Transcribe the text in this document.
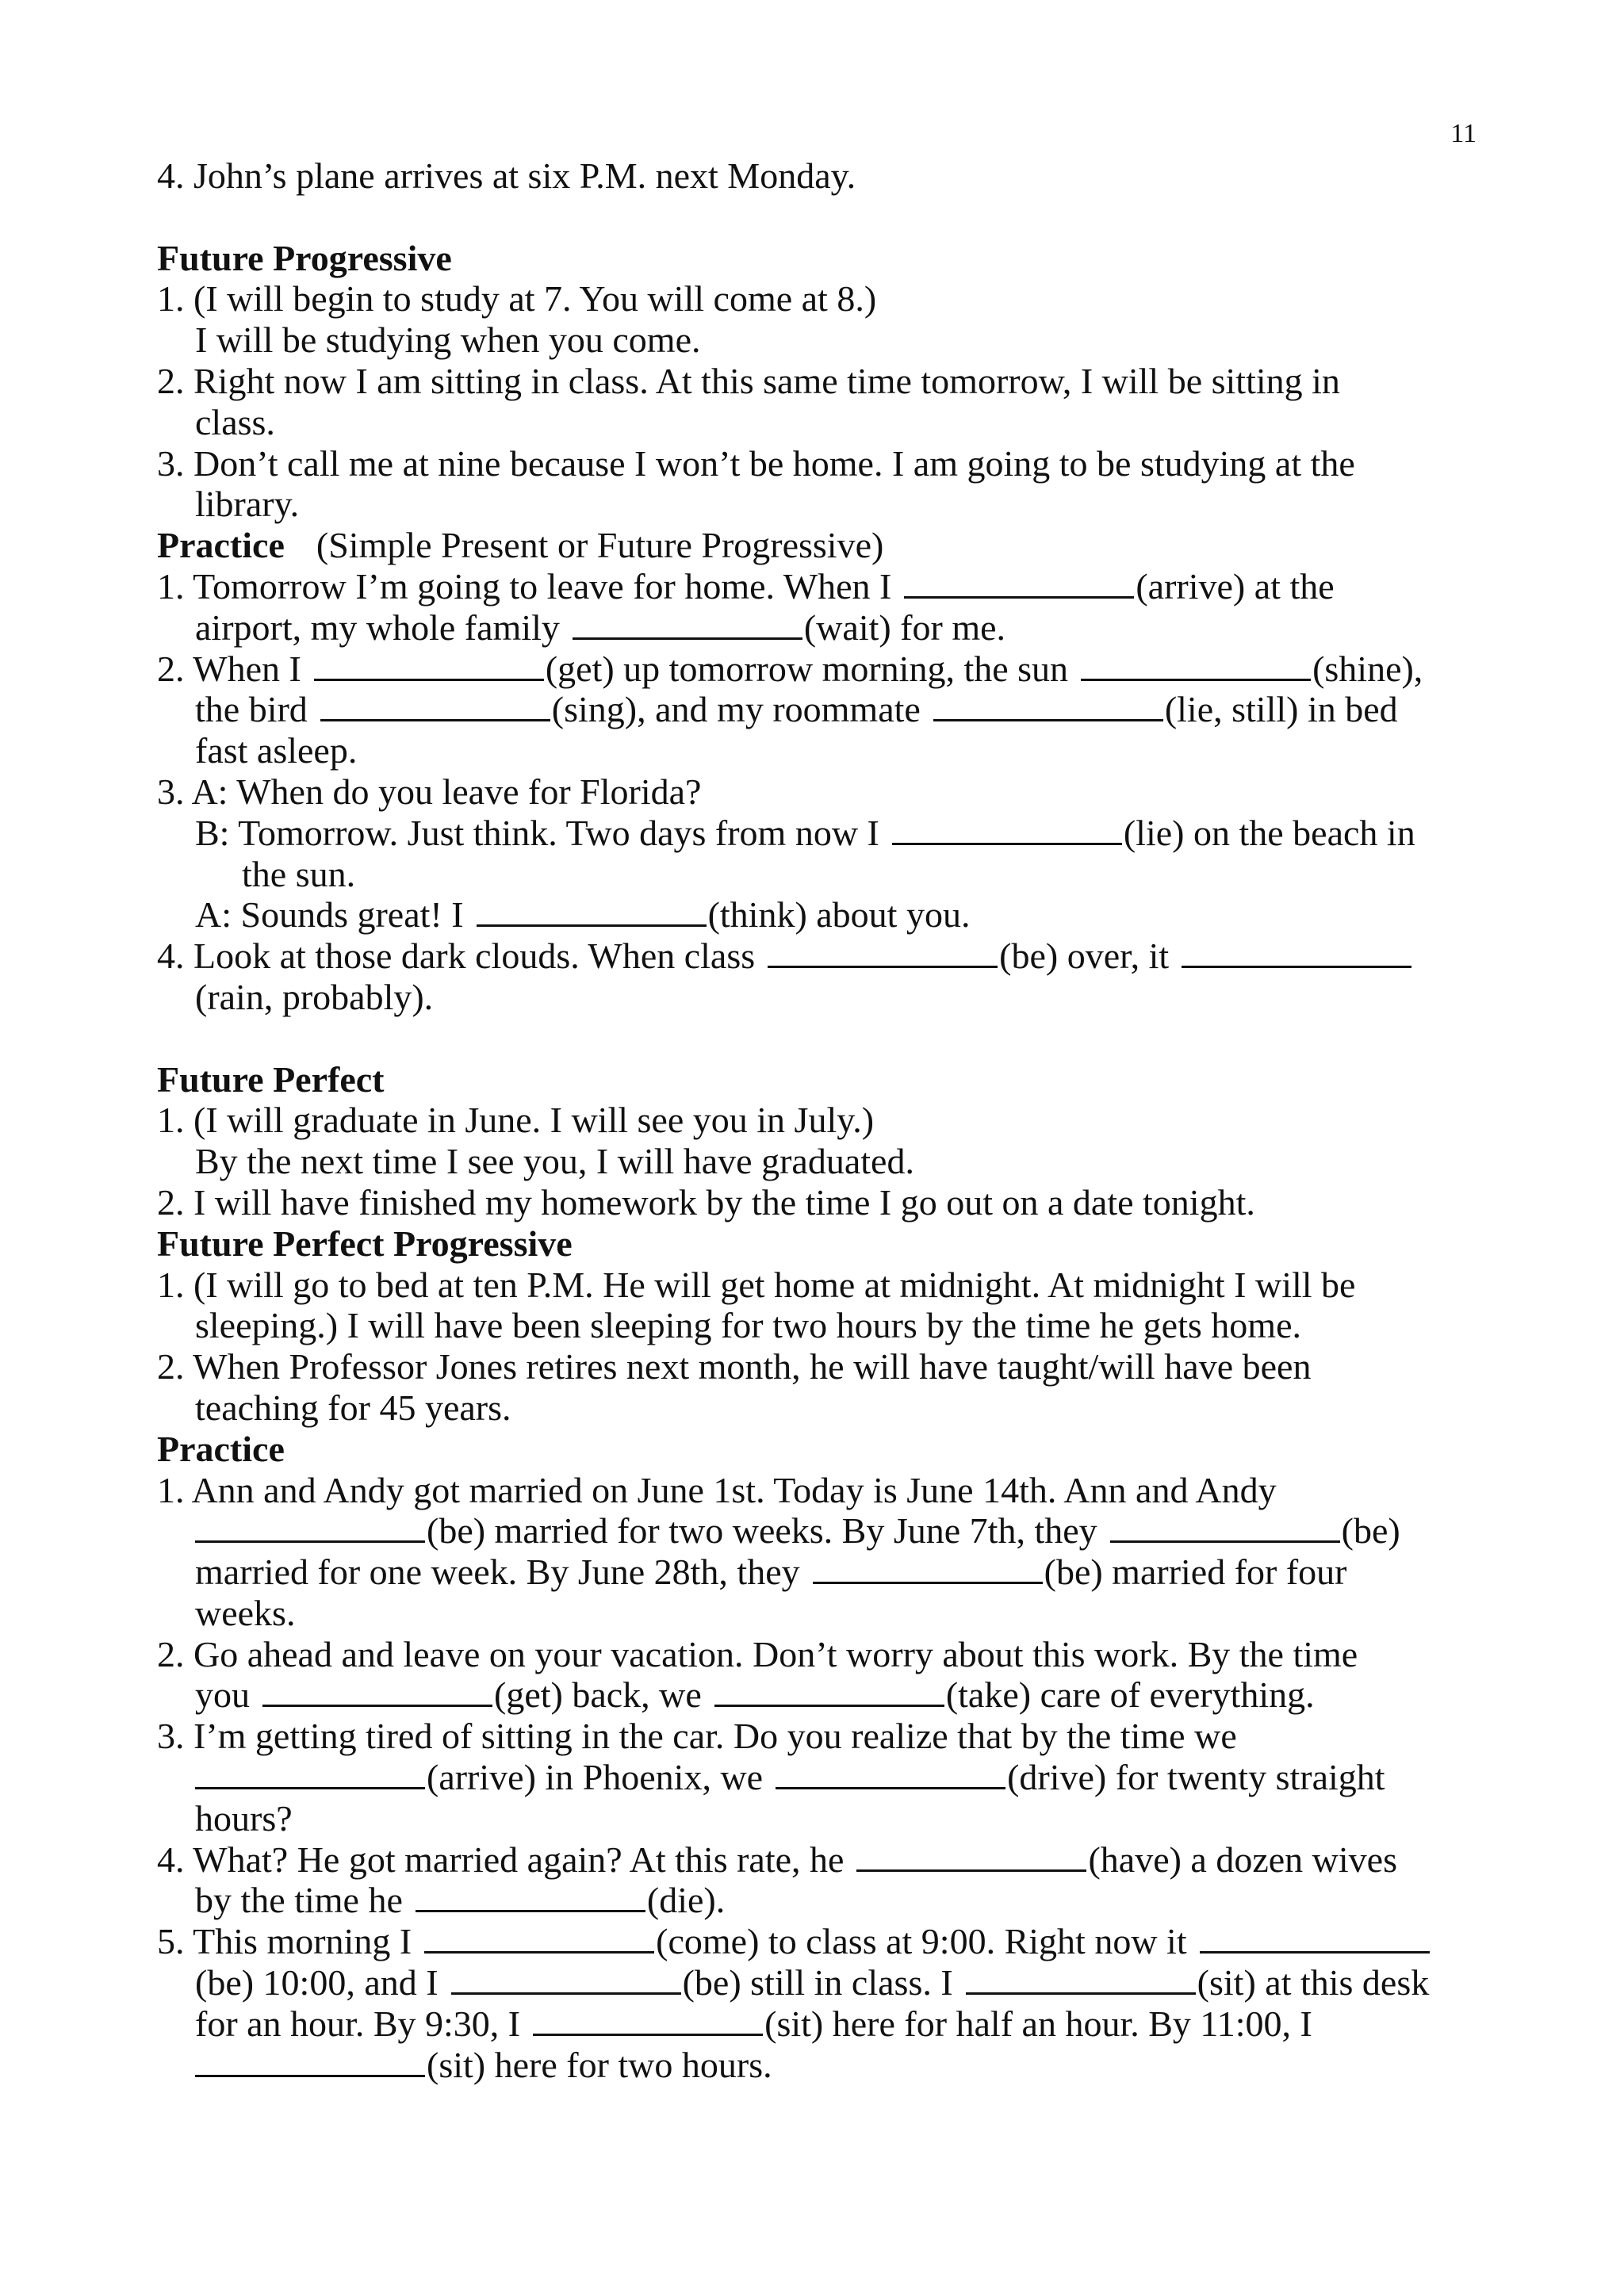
11
4. John’s plane arrives at six P.M. next Monday.
Future Progressive
1. (I will begin to study at 7. You will come at 8.)
I will be studying when you come.
2. Right now I am sitting in class. At this same time tomorrow, I will be sitting in
class.
3. Don’t call me at nine because I won’t be home. I am going to be studying at the
library.
Practice (Simple Present or Future Progressive)
1. Tomorrow I’m going to leave for home. When I	(arrive) at the
airport, my whole family	(wait) for me.
2. When I	(get) up tomorrow morning, the sun	(shine),
the bird	(sing), and my roommate	(lie, still) in bed
fast asleep.
3. A: When do you leave for Florida?
B: Tomorrow. Just think. Two days from now I	(lie) on the beach in
the sun.
A: Sounds great! I	(think) about you.
4. Look at those dark clouds. When class	(be) over, it
(rain, probably).
Future Perfect
1. (I will graduate in June. I will see you in July.)
By the next time I see you, I will have graduated.
2. I will have finished my homework by the time I go out on a date tonight.
Future Perfect Progressive
1. (I will go to bed at ten P.M. He will get home at midnight. At midnight I will be
sleeping.) I will have been sleeping for two hours by the time he gets home.
2. When Professor Jones retires next month, he will have taught/will have been
teaching for 45 years.
Practice
1. Ann and Andy got married on June 1st. Today is June 14th. Ann and Andy
(be) married for two weeks. By June 7th, they	(be)
married for one week. By June 28th, they	(be) married for four
weeks.
2. Go ahead and leave on your vacation. Don’t worry about this work. By the time
you	(get) back, we	(take) care of everything.
3. I’m getting tired of sitting in the car. Do you realize that by the time we
(arrive) in Phoenix, we	(drive) for twenty straight
hours?
4. What? He got married again? At this rate, he	(have) a dozen wives
by the time he	(die).
5. This morning I	(come) to class at 9:00. Right now it
(be) 10:00, and I	(be) still in class. I	(sit) at this desk
for an hour. By 9:30, I	(sit) here for half an hour. By 11:00, I
(sit) here for two hours.
